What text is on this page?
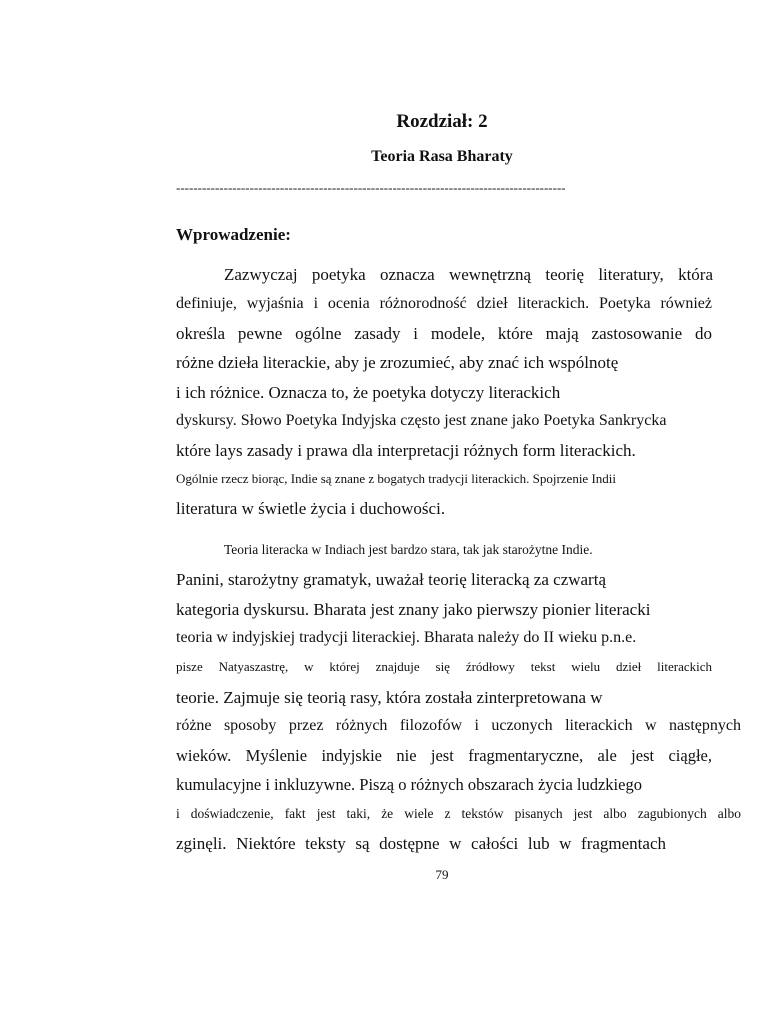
Rozdział: 2
Teoria Rasa Bharaty
------------------------------------------------------------------------------------------
Wprowadzenie:

Zazwyczaj poetyka oznacza wewnętrzną teorię literatury, która

definiuje, wyjaśnia i ocenia różnorodność dzieł literackich. Poetyka również

określa pewne ogólne zasady i modele, które mają zastosowanie do

różne dzieła literackie, aby je zrozumieć, aby znać ich wspólnotę

i ich różnice. Oznacza to, że poetyka dotyczy literackich

dyskursy. Słowo Poetyka Indyjska często jest znane jako Poetyka Sankrycka

które lays zasady i prawa dla interpretacji różnych form literackich.

Ogólnie rzecz biorąc, Indie są znane z bogatych tradycji literackich. Spojrzenie Indii

literatura w świetle życia i duchowości.

Teoria literacka w Indiach jest bardzo stara, tak jak starożytne Indie.

Panini, starożytny gramatyk, uważał teorię literacką za czwartą

kategoria dyskursu. Bharata jest znany jako pierwszy pionier literacki

teoria w indyjskiej tradycji literackiej. Bharata należy do II wieku p.n.e.

pisze Natyaszastrę, w której znajduje się źródłowy tekst wielu dzieł literackich

teorie. Zajmuje się teorią rasy, która została zinterpretowana w

różne sposoby przez różnych filozofów i uczonych literackich w następnych

wieków. Myślenie indyjskie nie jest fragmentaryczne, ale jest ciągłe,

kumulacyjne i inkluzywne. Piszą o różnych obszarach życia ludzkiego

i doświadczenie, fakt jest taki, że wiele z tekstów pisanych jest albo zagubionych albo

zginęli. Niektóre teksty są dostępne w całości lub w fragmentach

79
